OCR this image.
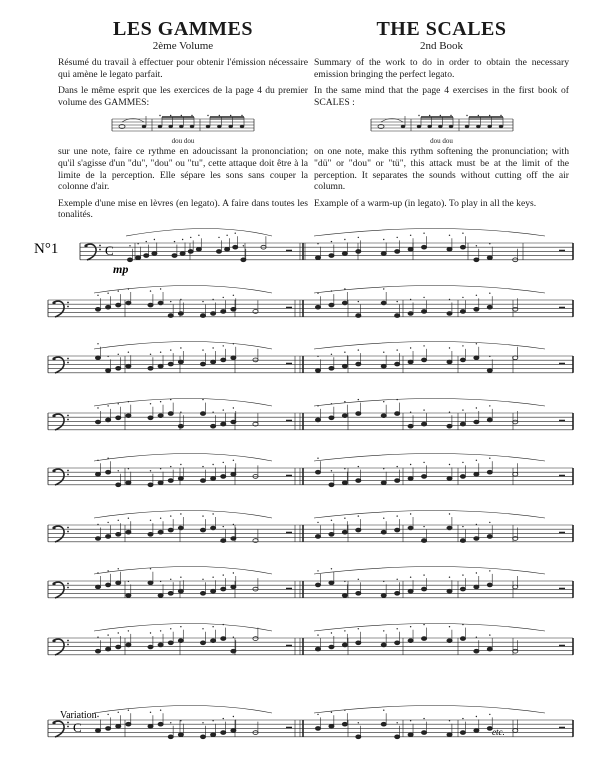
LES GAMMES
2ème Volume

Résumé du travail à effectuer pour obtenir l'émission nécessaire qui amène le legato parfait.

Dans le même esprit que les exercices de la page 4 du premier volume des GAMMES:

dou dou

sur une note, faire ce rythme en adoucissant la prononciation; qu'il s'agisse d'un "du", "dou" ou "tu", cette attaque doit être à la limite de la perception. Elle sépare les sons sans couper la colonne d'air.

Exemple d'une mise en lèvres (en legato). A faire dans toutes les tonalités.

THE SCALES
2nd Book

Summary of the work to do in order to obtain the necessary emission bringing the perfect legato.

In the same mind that the page 4 exercises in the first book of SCALES :

dou dou

on one note, make this rythm softening the pronunciation; with "dü" or "dou" or "tü", this attack must be at the limit of the perception. It separates the sounds without cutting off the air column.

Example of a warm-up (in legato). To play in all the keys.

N°1
mp
Variation
etc.
C
C
